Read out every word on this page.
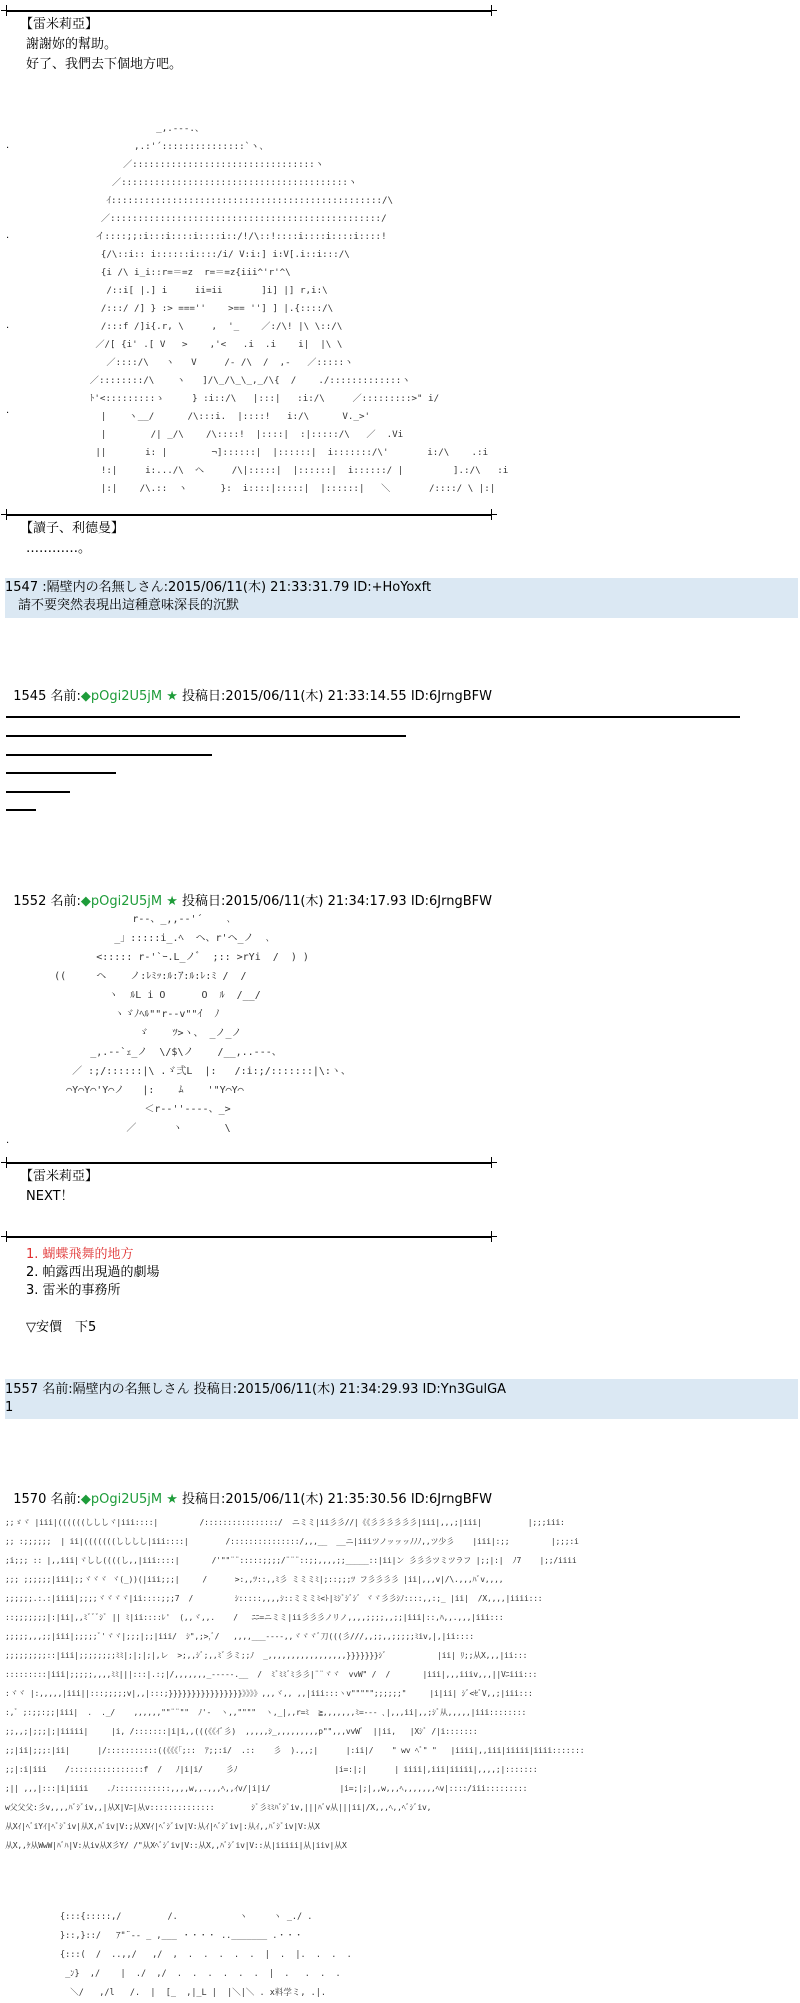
【雷米莉亞】
謝謝妳的幫助。
好了、我們去下個地方吧。
_,.-‐-.、
,.:'´:::::::::::::::`ヽ、
／:::::::::::::::::::::::::::::::::ヽ
／:::::::::::::::::::::::::::::::::::::::::ヽ
ｲ:::::::::::::::::::::::::::::::::::::::::::::::::/\
／:::::::::::::::::::::::::::::::::::::::::::::::::/
イ::::;;:i:::i::::i::::i::/!/\::!::::i::::i::::i::::!
{/\::i:: i::::::i::::/i/ V:i:] i:V[.i::i:::/\
{i /\ i_i::r=＝=z  r=＝=z{iii^'r'^\
/::i[ |.] i     ii=ii       ]i] |] r,i:\
/:::/ /] } :> ===''    >== ''] ] |.{::::/\
/:::f /]i{.r, \     ,  '_    ／:/\! |\ \::/\
／/[ {i' .[ V   >    ,'<   .i  .i    i|  |\ \
／::::/\   ヽ   V     /‐ /\  /  ,-   ／:::::ヽ
／::::::::/\    ヽ   ]/\_/\_\_,_/\{  /    ./:::::::::::::ヽ
ﾄ'<:::::::::ゝ     } :i::/\   |:::|   :i:/\     ／:::::::::>" i/
|    ヽ__/      /\:::i.  |::::!   i:/\      V._>'
|        /| _/\    /\::::!  |::::|  :|:::::/\   ／  .Vi
||       i: |        ¬]::::::|  |::::::|  i:::::::/\'       i:/\    .:i
!:|     i:.../\  ヘ     /\|:::::|  |::::::|  i::::::/ |         ].:/\   :i
|:|    /\.::  ヽ      }:  i::::|:::::|  |::::::|   ＼       /::::/ \ |:|
.
.
.
.
【讀子、利德曼】
…………。
1547 :隔壁内の名無しさん:2015/06/11(木) 21:33:31.79 ID:+HoYoxft
請不要突然表現出這種意味深長的沉默

1545 名前:◆pOgi2U5jM ★ 投稿日:2015/06/11(木) 21:33:14.55 ID:6JrngBFW

1552 名前:◆pOgi2U5jM ★ 投稿日:2015/06/11(木) 21:34:17.93 ID:6JrngBFW

r-‐、_,,-‐'´    ､
_」:::::i_.ﾍ  ヘ、r'ヘ_ノ  ､
<::::: r-'`ｰ.L_ノﾞ  ;:: >rYi  /  ) )
((     ヘ    ノ:ﾚﾐｯ:ﾙ:ｱ:ﾙ:ﾚ:ﾐ /  /
ヽ  ﾙL i O      O  ﾙ  /__/
ヽゞﾉﾍﾙ""r‐‐v""ｲ  ﾉ
ゞ    ﾂ>ヽ、 _ノ_ノ
_,.-‐`ｪ_ノ  \/$\ノ    /__,..-‐-、
／ :;/::::::|\ .ゞ弍L  |:   /:i:;/:::::::|\:ヽ、
⌒Y⌒Y⌒'Y⌒ノ   |:    ﾑ    '"Y⌒Y⌒
＜r-‐''‐-‐-、_>
／      ヽ       \
.
【雷米莉亞】
NEXT！
1. 蝴蝶飛舞的地方
2. 帕露西出現過的劇場
3. 雷米的事務所
▽安價　下5
1557 名前:隔壁内の名無しさん 投稿日:2015/06/11(木) 21:34:29.93 ID:Yn3GulGA
1

1570 名前:◆pOgi2U5jM ★ 投稿日:2015/06/11(木) 21:35:30.56 ID:6JrngBFW

;;ゞヾ |iii|((((((しししヾ|iii::::|         /::::::::::::::::/  ニミミ|ii彡彡//|《《彡彡彡彡彡彡|iii|,,,;|iii|          |;;;iii:
;; :;;;;;;  | ii|(((((((しししし|iii::::|        /:::::::::::::::/,,,__  __ニ|iiiツノッッッﾉﾉﾉ,,ツ少彡    |iii|:;;         |;;;:i
;i;;; :: |,,iii|ヾしし((((し,,|iii::::|       /'""¨¨:::::;;;;/¨¨¨::;;,,,,;;_____::|ii|ン 彡彡彡ツミツラフ |;;|:|  ﾉ7    |;;/iiii
;;; ;;;;;;|iii|;;ヾヾヾ ヾ(_))(|iii;;;|     /      >:,,ﾂ::,,ﾐ彡 ミミミﾐ|;::;;;ﾂ フ彡彡彡彡 |ii|,,,v|/\.,,,ﾊﾞv,,,,
;;;;;;.:.:|iiii|;;;;ヾヾヾヾ|ii::::;;;7  /         ｼ:::::,,,,ｼ::ミミミﾐ<ﾄ|ﾐｼﾞｼﾞｼﾞ ヾヾ彡彡ｼﾉ::::,,:;_ |ii|  /X,,,,|iiii:::
::;;;;;;;|:|ii|,,ﾐﾞﾞﾞｼﾞ || ﾐ|ii::::ﾚ'  (,,ヾ,,.    /   ﾆﾆ=ニミミ|ii彡彡彡ノリノ,,,,;;;;,,;;|iii|::,ﾊ,,.,,,|iii:::
;;;;;,,,;;|iii|;;;;;ﾞ'ヾヾ|;;;|;;|iii/  ｼ",;>,ﾞ/   ,,,,___‐‐‐‐,,ヾヾヾﾞ刀(((彡///,,;;,,;;;;;ﾐiv,|,|ii::::
;;;;;;;;;::|iii|;;;;;;;;ﾐﾐ|;|;|;|,レ  >;,,ｼﾞ;,,ﾐﾞ彡ミ;;ﾉ  _,,,,,,,,,,,,,,,,,}}}}}}}ｼﾞ           |ii| ﾘ;;从X,,,|ii:::
:::::::::|iii|;;;;;,,,,ﾐﾐ|||:::|.:;|/,,,,,,,_‐‐‐‐‐.__  /  ﾐﾞﾐﾐﾞﾐ彡彡|¨¨ヾヾ  vvW" /  /       |iii|,,,iiiv,,,||Vﾆiii:::
:ヾヾ |:,,,,,|iii||:::;;;;;v|,,|:::;}}}}}}}}}}}}}}}}》》》》,,,ヾ,, ,,|iii:::ヽv""""";;;;;;"     |i|ii| ｼﾞ<ｾﾞV,,;|iii:::
:,ﾞ ;:;;:;;|iii|  .  ._/    ,,,,,,""¨¨""  ﾉ'‐  ヽ,,""""  ヽ,_|,,r=ﾐ  ≧,,,,,,,ﾐ=‐‐‐ ､|,,,ii|,,;ｼﾞ从,,,,,|iii::::::::
;;,,;|;;;|;|iiiii|     |i, /:::::::|i|i,,(((《《ｲﾞ彡)  ,,,,,ｼ_,,,,,,,,,p"",,,vvWﾞ  ||ii,   |Xｼﾞ /|i:::::::
;;|ii|;;;:|ii|      |/:::::::::::((《《《｢;::  ｱ;;:i/  .::    彡  ).,,;|      |:ii|/    " wv ﾍﾞ" "   |iiii|,,iii|iiiii|iiii:::::::
;;|:i|iii    /::::::::::::::::f  /   ﾉ|i|i/     彡ﾉ                     |i=:|;|      | iiii|,iii|iiiii|,,,,;|:::::::
;|| ,,,|:::|i|iiii    .ﾉ::::::::::::,,,,w,,.,,,ﾍ,,ｲv/|i|i/               |i=;|;|,,w,,,ﾍ,,,,,,,ﾍv|::::/iii:::::::::
w父父父:彡v,,,,ﾊﾞｼﾞiv,,|从X|Vﾆ|从v::::::::::::::        ｼﾞ彡ﾐﾐﾊﾞｼﾞiv,|||ﾊﾞv从|||ii|/X,,,ﾍ,,ﾍﾞｼﾞiv,
从Xｲ|ﾍﾞiYｲ|ﾍﾞｼﾞiv|从X,ﾊﾞiv|V:;从XVｲ|ﾍﾞｼﾞiv|V:从ｲ|ﾍﾞｼﾞiv|:从ｲ,,ﾊﾞｼﾞiv|V:从X
从X,,ｹ从WwW|ﾊﾞﾊ|V:从iv从X彡Y/ /"从Xﾍﾞｼﾞiv|V::从X,,ﾊﾞｼﾞiv|V::从|iiiii|从|iiv|从X
{:::{:::::,/         /.            ヽ     ヽ _./ .
}::,}::/   ｱ"¨‐- _ ,___ ・・・・ .._______ .・・・
{:::(  /  ..,,/   ,/  ,  .  .  .  .  .  |  .  |.  .  .  .
_ﾝ}  ,/    |  ./  ,/  .  .  .  .  .  .  |  .   .  .  .
＼/   ,/l   /.  |  [_  ,|_L |  |＼|＼ . x料学ミ, .|.
